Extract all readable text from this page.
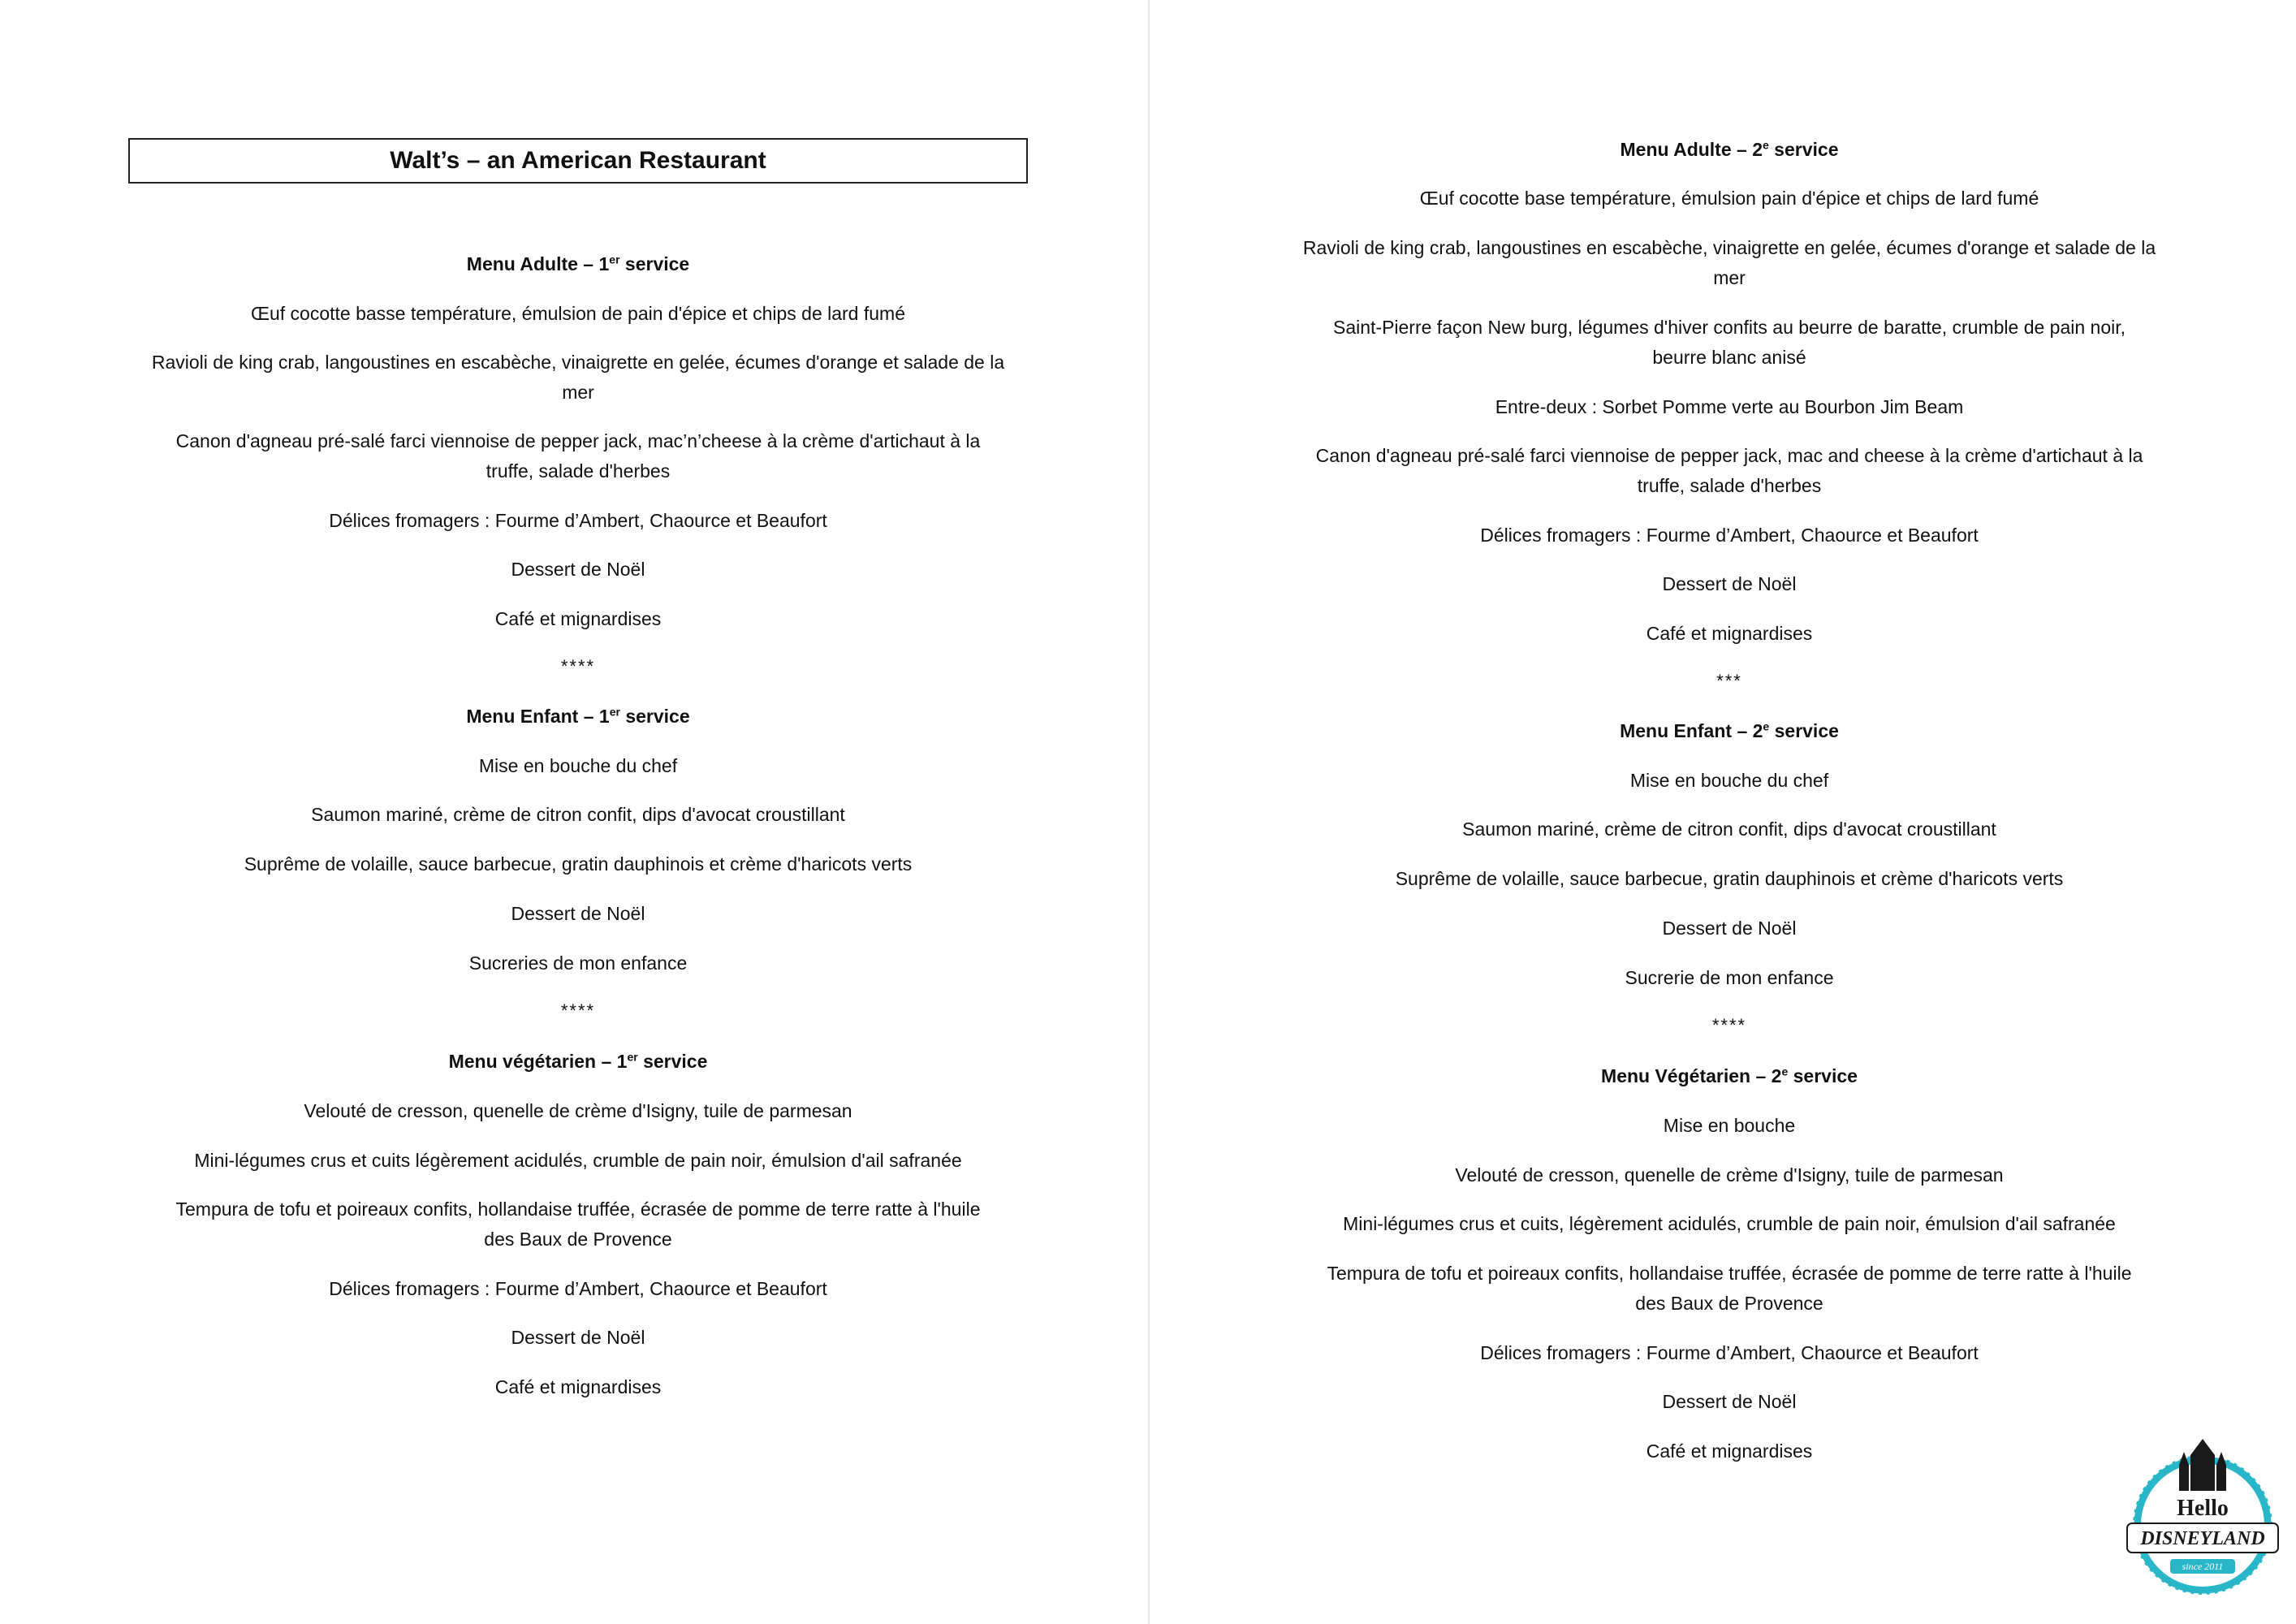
Walt’s – an American Restaurant
Menu Adulte – 1er service
Œuf cocotte basse température, émulsion de pain d'épice et chips de lard fumé
Ravioli de king crab, langoustines en escabèche, vinaigrette en gelée, écumes d'orange et salade de la
mer
Canon d'agneau pré-salé farci viennoise de pepper jack, mac’n’cheese à la crème d'artichaut à la
truffe, salade d'herbes
Délices fromagers : Fourme d’Ambert, Chaource et Beaufort
Dessert de Noël
Café et mignardises
****
Menu Enfant – 1er service
Mise en bouche du chef
Saumon mariné, crème de citron confit, dips d'avocat croustillant
Suprême de volaille, sauce barbecue, gratin dauphinois et crème d'haricots verts
Dessert de Noël
Sucreries de mon enfance
****
Menu végétarien – 1er service
Velouté de cresson, quenelle de crème d'Isigny, tuile de parmesan
Mini-légumes crus et cuits légèrement acidulés, crumble de pain noir, émulsion d'ail safranée
Tempura de tofu et poireaux confits, hollandaise truffée, écrasée de pomme de terre ratte à l'huile
des Baux de Provence
Délices fromagers : Fourme d’Ambert, Chaource et Beaufort
Dessert de Noël
Café et mignardises
Menu Adulte – 2e service
Œuf cocotte base température, émulsion pain d'épice et chips de lard fumé
Ravioli de king crab, langoustines en escabèche, vinaigrette en gelée, écumes d'orange et salade de la
mer
Saint-Pierre façon New burg, légumes d'hiver confits au beurre de baratte, crumble de pain noir,
beurre blanc anisé
Entre-deux : Sorbet Pomme verte au Bourbon Jim Beam
Canon d'agneau pré-salé farci viennoise de pepper jack, mac and cheese à la crème d'artichaut à la
truffe, salade d'herbes
Délices fromagers : Fourme d’Ambert, Chaource et Beaufort
Dessert de Noël
Café et mignardises
***
Menu Enfant – 2e service
Mise en bouche du chef
Saumon mariné, crème de citron confit, dips d'avocat croustillant
Suprême de volaille, sauce barbecue, gratin dauphinois et crème d'haricots verts
Dessert de Noël
Sucrerie de mon enfance
****
Menu Végétarien – 2e service
Mise en bouche
Velouté de cresson, quenelle de crème d'Isigny, tuile de parmesan
Mini-légumes crus et cuits, légèrement acidulés, crumble de pain noir, émulsion d'ail safranée
Tempura de tofu et poireaux confits, hollandaise truffée, écrasée de pomme de terre ratte à l'huile
des Baux de Provence
Délices fromagers : Fourme d’Ambert, Chaource et Beaufort
Dessert de Noël
Café et mignardises
Hello
DISNEYLAND
since 2011
